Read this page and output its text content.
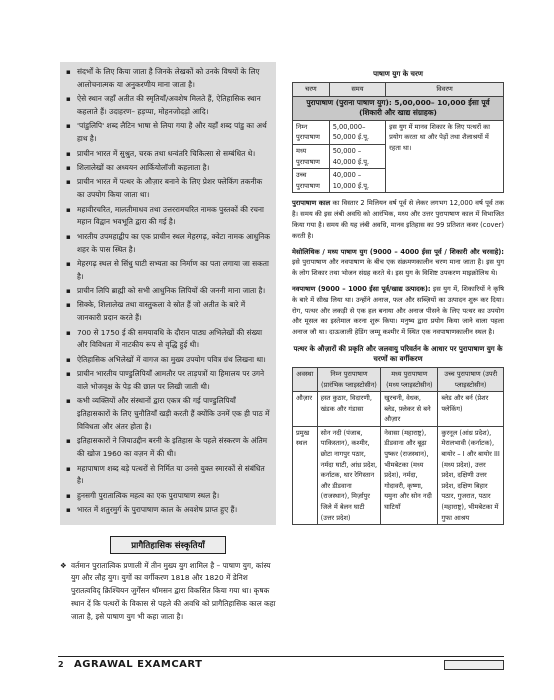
▪ संदर्भों के लिए किया जाता है जिनके लेखकों को उनके विषयों के लिए आलोचनात्मक या अनुकरणीय माना जाता है।
▪ ऐसे स्थान जहाँ अतीत की स्मृतियाँ/अवशेष मिलते हैं, ऐतिहासिक स्थान कहलाते हैं। उदाहरण– हड़प्पा, मोहनजोदड़ो आदि।
▪ 'पांडुलिपि' शब्द लैटिन भाषा से लिया गया है और यहाँ शब्द पांडु का अर्थ हाथ है।
▪ प्राचीन भारत में सुश्रुत, चरक तथा धन्वंतरि चिकित्सा से सम्बंधित थे।
▪ शिलालेखों का अध्ययन आर्कियोलॉजी कहलाता है।
▪ प्राचीन भारत में पत्थर के औज़ार बनाने के लिए प्रेशर फ्लेकिंग तकनीक का उपयोग किया जाता था।
▪ महावीरचरित, मालतीमाधव तथा उत्तररामचरित नामक पुस्तकों की रचना महान विद्वान भवभूति द्वारा की गई है।
▪ भारतीय उपमहाद्वीप का एक प्राचीन स्थल मेहरगढ़, क्वेटा नामक आधुनिक शहर के पास स्थित है।
▪ मेहरगढ़ स्थल से सिंधु घाटी सभ्यता का निर्माण का पता लगाया जा सकता है।
▪ प्राचीन लिपि ब्राह्मी को सभी आधुनिक लिपियों की जननी माना जाता है।
▪ सिक्के, शिलालेख तथा वास्तुकला वे स्रोत हैं जो अतीत के बारे में जानकारी प्रदान करते हैं।
▪ 700 से 1750 ई की समयावधि के दौरान पाठ्य अभिलेखों की संख्या और विविधता में नाटकीय रूप से वृद्धि हुई थी।
▪ ऐतिहासिक अभिलेखों में वागज का मुख्य उपयोग पवित्र ग्रंथ लिखना था।
▪ प्राचीन भारतीय पाण्डुलिपियाँ आमतौर पर ताड़पत्रों या हिमालय पर उगने वाले भोजवृक्ष के पेड़ की छाल पर लिखी जाती थी।
▪ कभी व्यक्तियों और संस्थानों द्वारा एकत्र की गई पाण्डुलिपियाँ इतिहासकारों के लिए चुनौतियाँ खड़ी करती हैं क्योंकि उनमें एक ही पाठ में विविधता और अंतर होता है।
▪ इतिहासकारों ने जियाउद्दीन बरनी के इतिहास के पहले संस्करण के अंतिम की खोज 1960 का वज़न में की थी।
▪ महापाषाण शब्द बड़े पत्थरों से निर्मित या उनसे युक्त स्मारकों से संबंधित है।
▪ हुनसगी पुरातात्विक महत्व का एक पुरापाषाण स्थल है।
▪ भारत में शतुरमुर्ग के पुरापाषाण काल के अवशेष प्राप्त हुए हैं।
प्रागैतिहासिक संस्कृतियाँ
❖ वर्तमान पुरातात्विक प्रणाली में तीन मुख्य युग शामिल है – पाषाण युग, कांस्य युग और लौह युग। युगों का वर्गीकरण 1818 और 1820 में डेनिश पुरातत्वविद् क्रिश्चियन जुर्गेंसन थॉमसन द्वारा विकसित किया गया था। कृषक स्थान दें कि पत्थरों के विकास से पहले की अवधि को प्रागैतिहासिक काल कहा जाता है, इसे पाषाण युग भी कहा जाता है।
पाषाण युग के चरण
चरण	समय	विवरण
पुरापाषाण (पुराना पाषाण युग): 5,00,000– 10,000 ईसा पूर्व (शिकारी और खाद्य संग्राहक)		
निम्न पुरापाषाण	5,00,000– 50,000 ई.पू.	इस युग में मानव शिकार के लिए पत्थरों का प्रयोग करता था और पेड़ों तथा शैलाश्रयों में रहता था।
मध्य पुरापाषाण	50,000 – 40,000 ई.पू.	
उच्च पुरापाषाण	40,000 – 10,000 ई.पू.	
पुरापाषाण काल का विस्तार 2 मिलियन वर्ष पूर्व से लेकर लगभग 12,000 वर्ष पूर्व तक है। समय की इस लंबी अवधि को आरंभिक, मध्य और उत्तर पुरापाषाण काल में विभाजित किया गया है। समय की यह लंबी अवधि, मानव इतिहास का 99 प्रतिशत कवर (cover) करती है।
मेसोलिथिक / मध्य पाषाण युग (9000 – 4000 ईसा पूर्व / शिकारी और चरवाहे): इसे पुरापाषाण और नवपाषाण के बीच एक संक्रमणकालीन चरण माना जाता है। इस युग के लोग शिकार तथा भोजन संग्रह करते थे। इस युग के विशिष्ट उपकरण माइक्रोलिथ थे।
नवपाषाण (9000 – 1000 ईसा पूर्व/खाद्य उत्पादक): इस युग में, शिकारियों ने कृषि के बारे में सीख लिया था। उन्होंने अनाज, फल और सब्ज़ियों का उत्पादन शुरू कर दिया। रोग, पत्थर और लकड़ी से एक हल बनाया और अनाज पीसने के लिए पत्थर का उपयोग और मूसल का इस्तेमाल करना शुरू किया। मनुष्य द्वारा प्रयोग किया जाने वाला पहला अनाज जौ था। दाऊजाली हेडिंग जम्मू कश्मीर में स्थित एक नवपाषाणकालीन स्थल है।
पत्थर के औज़ारों की प्रकृति और जलवायु परिवर्तन के आधार पर पुरापाषाण युग के चरणों का वर्गीकरण
अवस्था	निम्न पुरापाषाण (प्रारंभिक प्लाइस्टोसीन)	मध्य पुरापाषाण (मध्य प्लाइस्टोसीन)	उच्च पुरापाषाण (उपरी प्लाइस्टोसीन)
औज़ार	हस्त कुठार, विदारणी, खंडक और गंडासा	खुरचनी, वेधक, ब्लेड, फ़्लेकर से बने औज़ार	ब्लेड और बर्न (प्रेशर फ्लेकिंग)
प्रमुख स्थल	सोन नदी (पंजाब, पाकिस्तान), कश्मीर, छोटा नागपुर पठार, नर्मदा घाटी, आंध्र प्रदेश, कर्नाटक, थार रेगिस्तान और डीडवाना (राजस्थान), मिर्ज़ापुर जिले में बेलन घाटी (उत्तर प्रदेश)	नेवासा (महाराष्ट्र), डीडवाना और बूढ़ा पुष्कर (राजस्थान), भीमबेटका (मध्य प्रदेश), नर्मदा, गोदावरी, कृष्णा, यमुना और सोन नदी घाटियाँ	कुरनूल (आंध्र प्रदेश), मेरालभावी (कर्नाटक), बायोर – I और बायोर III (मध्य प्रदेश), उत्तर प्रदेश, दक्षिणी उत्तर प्रदेश, दक्षिण बिहार पठार, गुजरात, पठार (महाराष्ट्र), भीमबेटका में गुफा आश्रय
2 AGRAWAL EXAMCART
